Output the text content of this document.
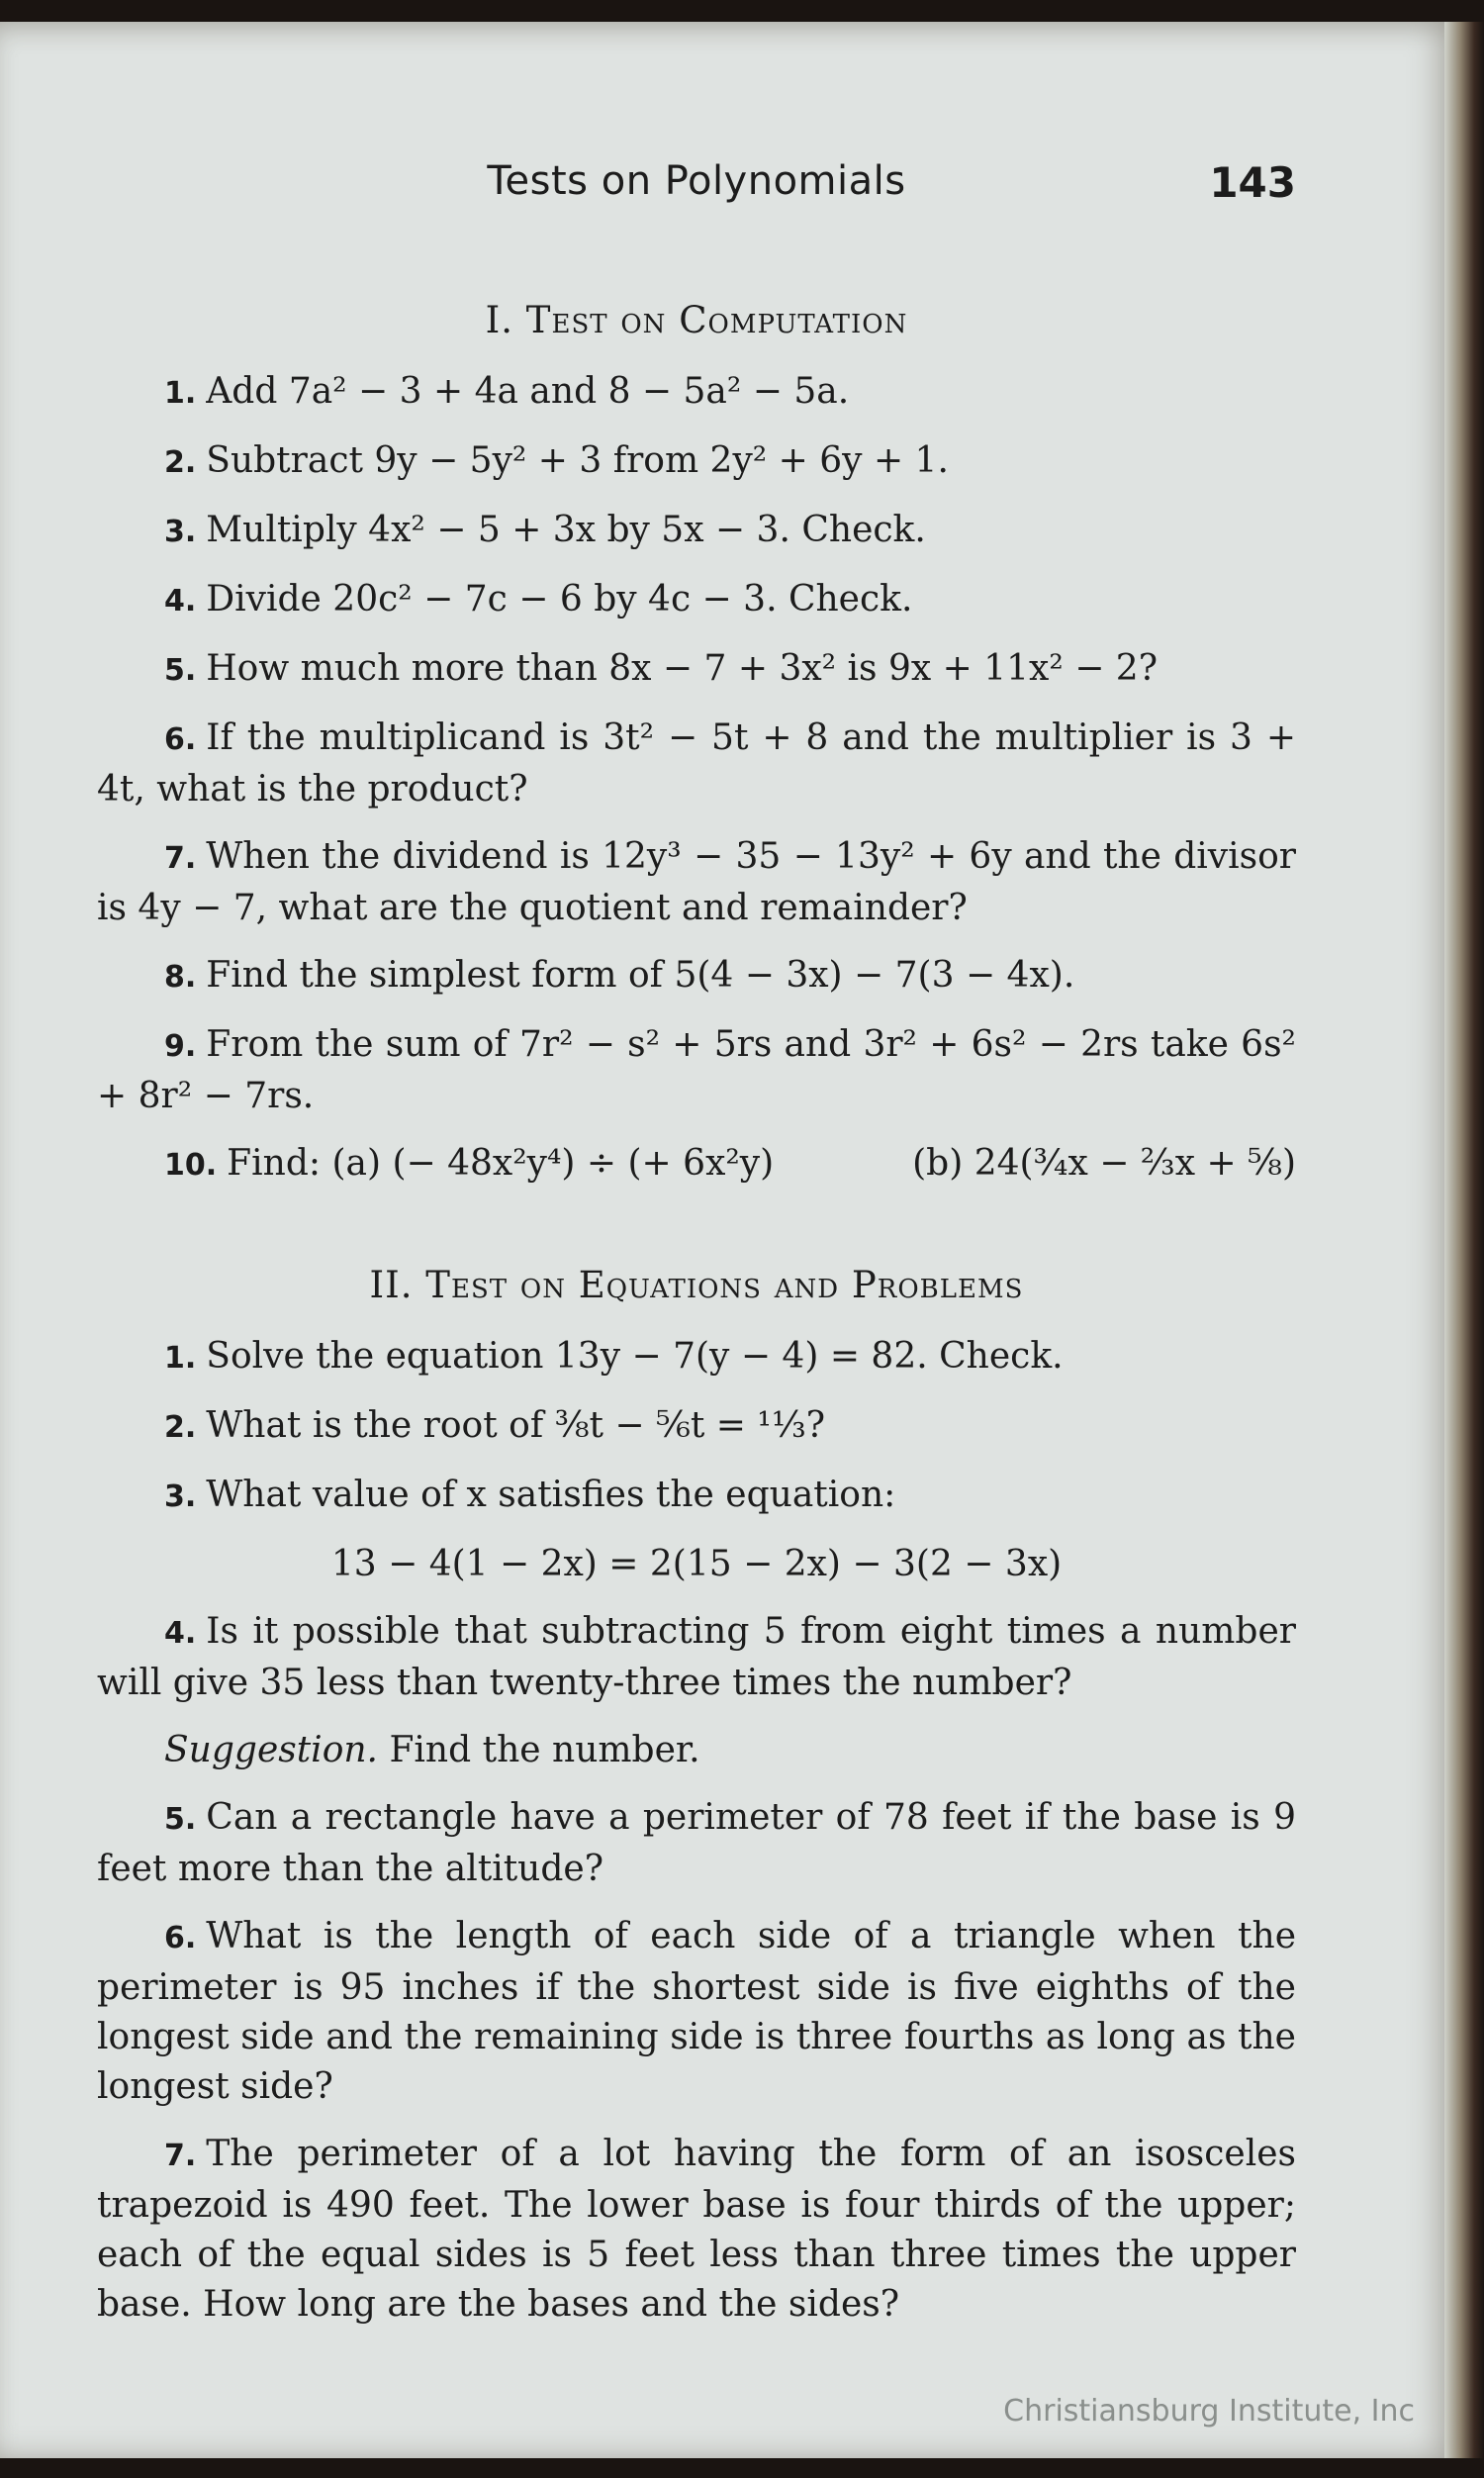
Tests on Polynomials	143
I. Test on Computation

1. Add 7a² − 3 + 4a and 8 − 5a² − 5a.

2. Subtract 9y − 5y² + 3 from 2y² + 6y + 1.

3. Multiply 4x² − 5 + 3x by 5x − 3. Check.

4. Divide 20c² − 7c − 6 by 4c − 3. Check.

5. How much more than 8x − 7 + 3x² is 9x + 11x² − 2?

6. If the multiplicand is 3t² − 5t + 8 and the multiplier is 3 + 4t, what is the product?

7. When the dividend is 12y³ − 35 − 13y² + 6y and the divisor is 4y − 7, what are the quotient and remainder?

8. Find the simplest form of 5(4 − 3x) − 7(3 − 4x).

9. From the sum of 7r² − s² + 5rs and 3r² + 6s² − 2rs take 6s² + 8r² − 7rs.

10. Find: (a) (− 48x²y⁴) ÷ (+ 6x²y)	(b) 24(¾x − ⅔x + ⅝)
II. Test on Equations and Problems

1. Solve the equation 13y − 7(y − 4) = 82. Check.

2. What is the root of ⅜t − ⅚t = ¹¹⁄₃?

3. What value of x satisfies the equation:

13 − 4(1 − 2x) = 2(15 − 2x) − 3(2 − 3x)

4. Is it possible that subtracting 5 from eight times a number will give 35 less than twenty-three times the number?

Suggestion. Find the number.

5. Can a rectangle have a perimeter of 78 feet if the base is 9 feet more than the altitude?

6. What is the length of each side of a triangle when the perimeter is 95 inches if the shortest side is five eighths of the longest side and the remaining side is three fourths as long as the longest side?

7. The perimeter of a lot having the form of an isosceles trapezoid is 490 feet. The lower base is four thirds of the upper; each of the equal sides is 5 feet less than three times the upper base. How long are the bases and the sides?

Christiansburg Institute, Inc
